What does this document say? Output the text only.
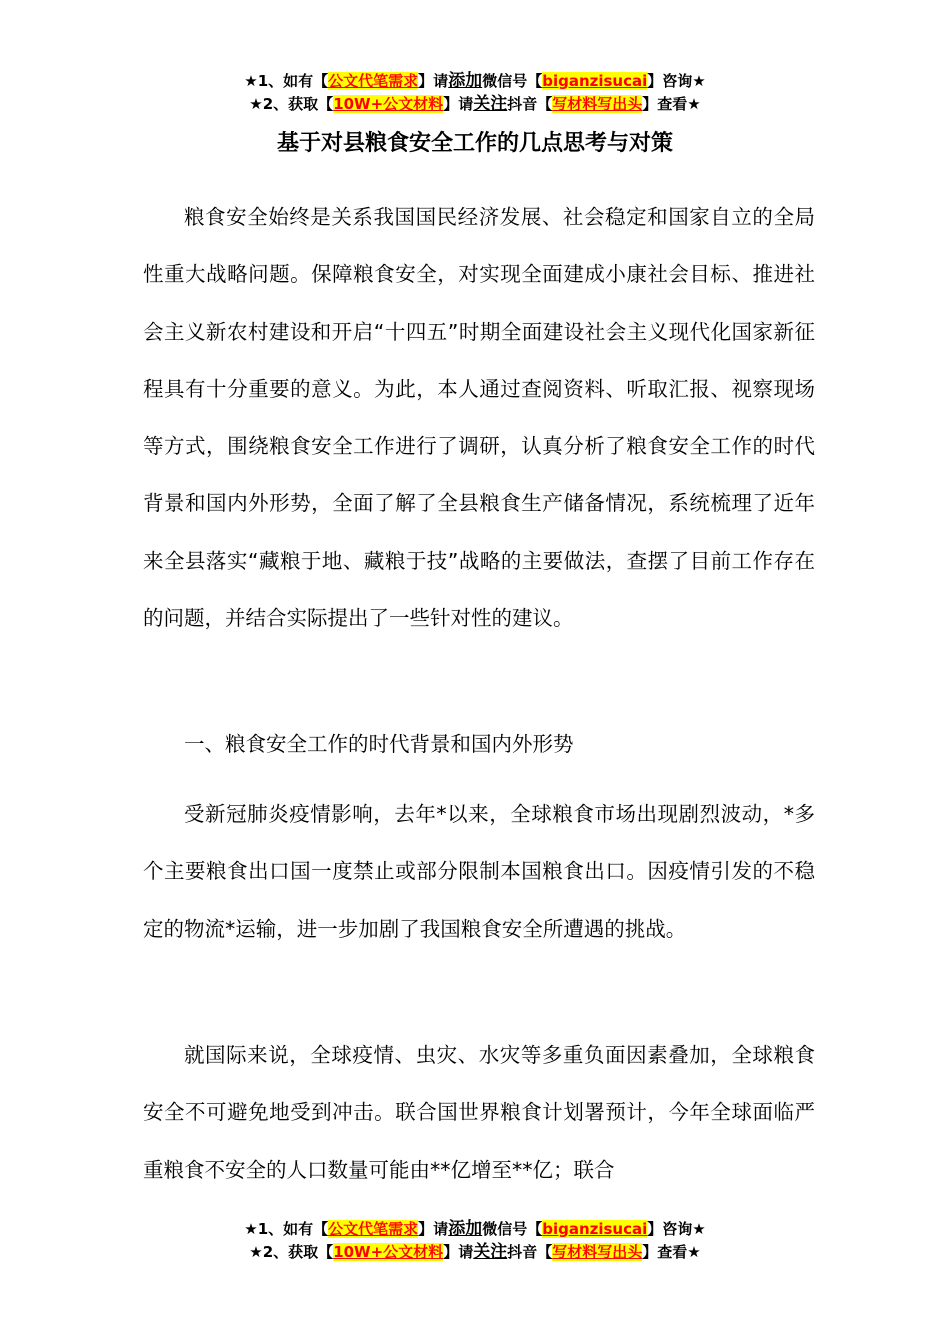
★1、如有【公文代笔需求】请添加微信号【biganzisucai】咨询★
★2、获取【10W+公文材料】请关注抖音【写材料写出头】查看★
基于对县粮食安全工作的几点思考与对策

粮食安全始终是关系我国国民经济发展、社会稳定和国家自立的全局性重大战略问题。保障粮食安全，对实现全面建成小康社会目标、推进社会主义新农村建设和开启“十四五”时期全面建设社会主义现代化国家新征程具有十分重要的意义。为此，本人通过查阅资料、听取汇报、视察现场等方式，围绕粮食安全工作进行了调研，认真分析了粮食安全工作的时代背景和国内外形势，全面了解了全县粮食生产储备情况，系统梳理了近年来全县落实“藏粮于地、藏粮于技”战略的主要做法，查摆了目前工作存在的问题，并结合实际提出了一些针对性的建议。

一、粮食安全工作的时代背景和国内外形势

受新冠肺炎疫情影响，去年*以来，全球粮食市场出现剧烈波动，*多个主要粮食出口国一度禁止或部分限制本国粮食出口。因疫情引发的不稳定的物流*运输，进一步加剧了我国粮食安全所遭遇的挑战。

就国际来说，全球疫情、虫灾、水灾等多重负面因素叠加，全球粮食安全不可避免地受到冲击。联合国世界粮食计划署预计，今年全球面临严重粮食不安全的人口数量可能由**亿增至**亿；联合

★1、如有【公文代笔需求】请添加微信号【biganzisucai】咨询★
★2、获取【10W+公文材料】请关注抖音【写材料写出头】查看★
